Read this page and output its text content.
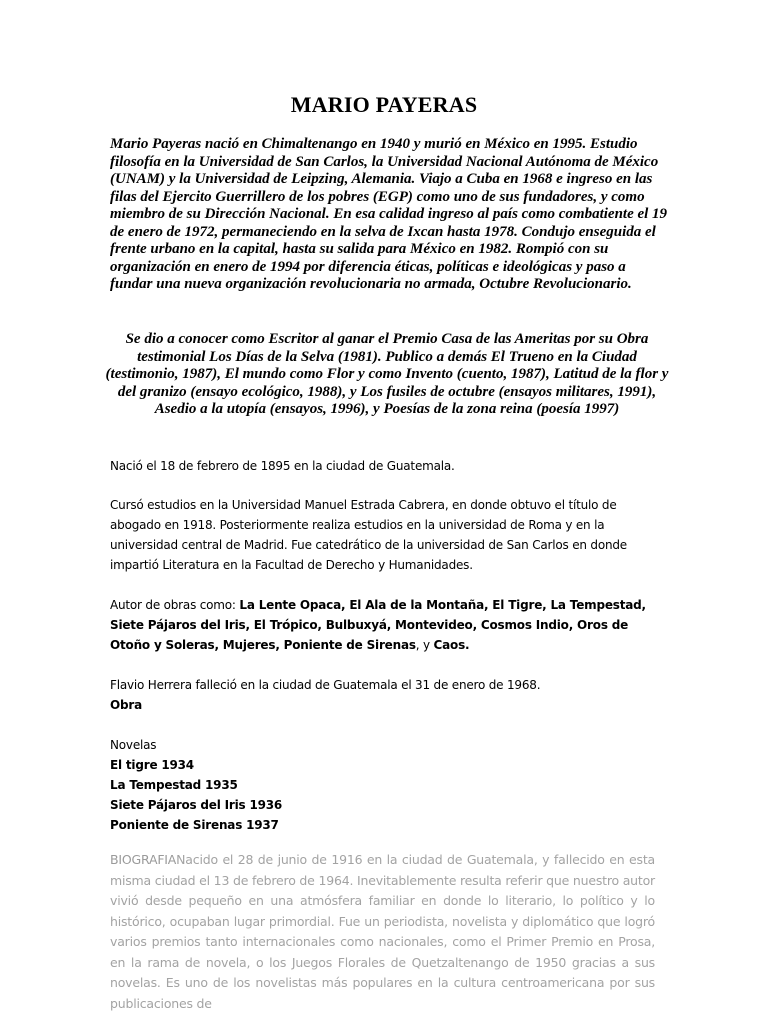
MARIO PAYERAS

Mario Payeras nació en Chimaltenango en 1940 y murió en México en 1995. Estudio filosofía en la Universidad de San Carlos, la Universidad Nacional Autónoma de México (UNAM) y la Universidad de Leipzing, Alemania. Viajo a Cuba en 1968 e ingreso en las filas del Ejercito Guerrillero de los pobres (EGP) como uno de sus fundadores, y como miembro de su Dirección Nacional. En esa calidad ingreso al país como combatiente el 19 de enero de 1972, permaneciendo en la selva de Ixcan hasta 1978. Condujo enseguida el frente urbano en la capital, hasta su salida para México en 1982. Rompió con su organización en enero de 1994 por diferencia éticas, políticas e ideológicas y paso a fundar una nueva organización revolucionaria no armada, Octubre Revolucionario.

Se dio a conocer como Escritor al ganar el Premio Casa de las Ameritas por su Obra testimonial Los Días de la Selva (1981). Publico a demás El Trueno en la Ciudad (testimonio, 1987), El mundo como Flor y como Invento (cuento, 1987), Latitud de la flor y del granizo (ensayo ecológico, 1988), y Los fusiles de octubre (ensayos militares, 1991), Asedio a la utopía (ensayos, 1996), y Poesías de la zona reina (poesía 1997)

Nació el 18 de febrero de 1895 en la ciudad de Guatemala.

Cursó estudios en la Universidad Manuel Estrada Cabrera, en donde obtuvo el título de abogado en 1918. Posteriormente realiza estudios en la universidad de Roma y en la universidad central de Madrid. Fue catedrático de la universidad de San Carlos en donde impartió Literatura en la Facultad de Derecho y Humanidades.

Autor de obras como: La Lente Opaca, El Ala de la Montaña, El Tigre, La Tempestad, Siete Pájaros del Iris, El Trópico, Bulbuxyá, Montevideo, Cosmos Indio, Oros de Otoño y Soleras, Mujeres, Poniente de Sirenas, y Caos.

Flavio Herrera falleció en la ciudad de Guatemala el 31 de enero de 1968.
Obra

Novelas
El tigre 1934
La Tempestad 1935
Siete Pájaros del Iris 1936
Poniente de Sirenas 1937

BIOGRAFIANacido el 28 de junio de 1916 en la ciudad de Guatemala, y fallecido en esta misma ciudad el 13 de febrero de 1964. Inevitablemente resulta referir que nuestro autor vivió desde pequeño en una atmósfera familiar en donde lo literario, lo político y lo histórico, ocupaban lugar primordial. Fue un periodista, novelista y diplomático que logró varios premios tanto internacionales como nacionales, como el Primer Premio en Prosa, en la rama de novela, o los Juegos Florales de Quetzaltenango de 1950 gracias a sus novelas. Es uno de los novelistas más populares en la cultura centroamericana por sus publicaciones de
